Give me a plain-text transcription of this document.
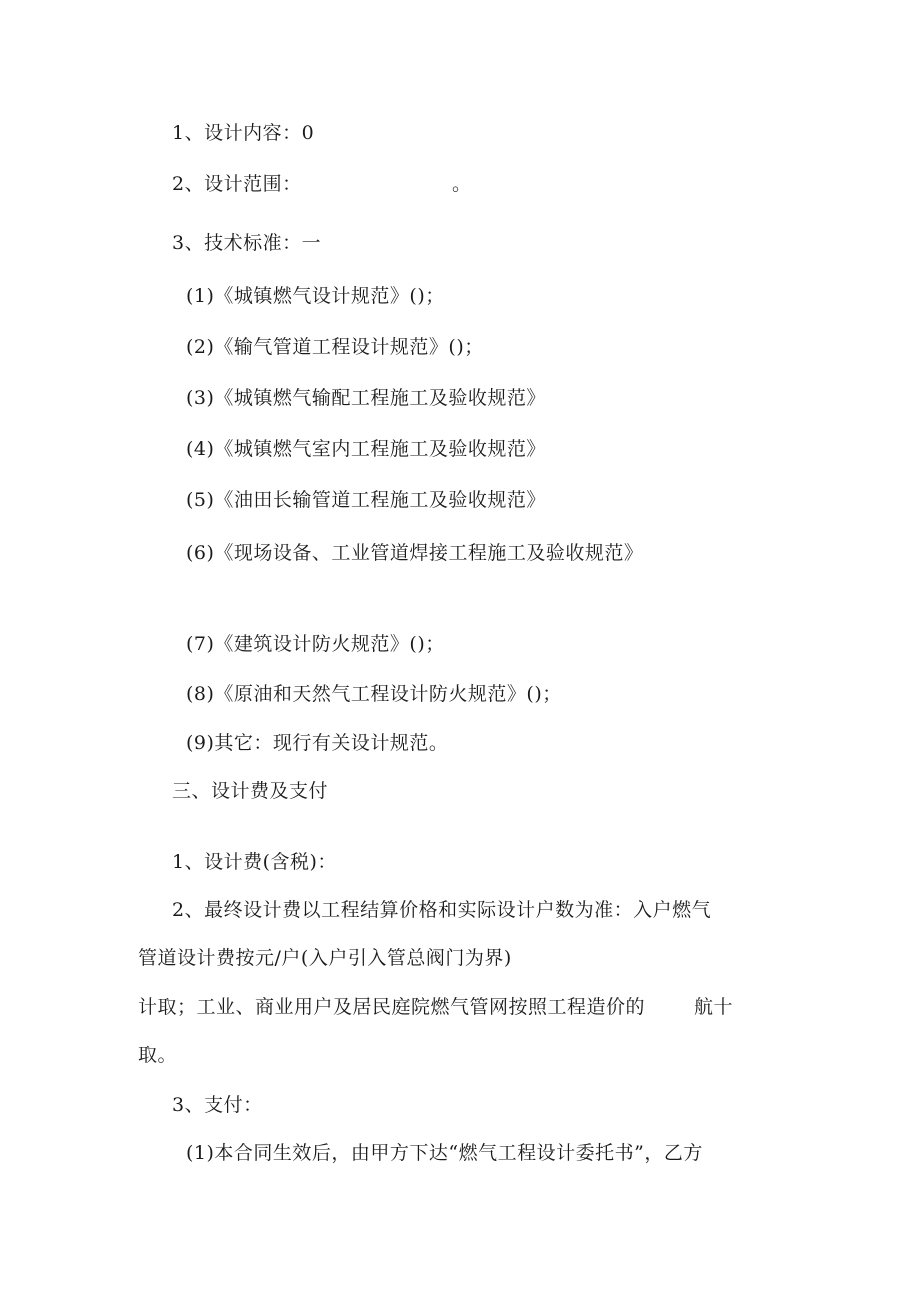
1、设计内容：0
2、设计范围：	。
3、技术标准：一
(1)《城镇燃气设计规范》()；
(2)《输气管道工程设计规范》()；
(3)《城镇燃气输配工程施工及验收规范》
(4)《城镇燃气室内工程施工及验收规范》
(5)《油田长输管道工程施工及验收规范》
(6)《现场设备、工业管道焊接工程施工及验收规范》
(7)《建筑设计防火规范》()；
(8)《原油和天然气工程设计防火规范》()；
(9)其它：现行有关设计规范。
三、设计费及支付
1、设计费(含税)：
2、最终设计费以工程结算价格和实际设计户数为准：入户燃气
管道设计费按元/户(入户引入管总阀门为界)
计取；工业、商业用户及居民庭院燃气管网按照工程造价的	航十
取。
3、支付：
(1)本合同生效后，由甲方下达“燃气工程设计委托书”，乙方
